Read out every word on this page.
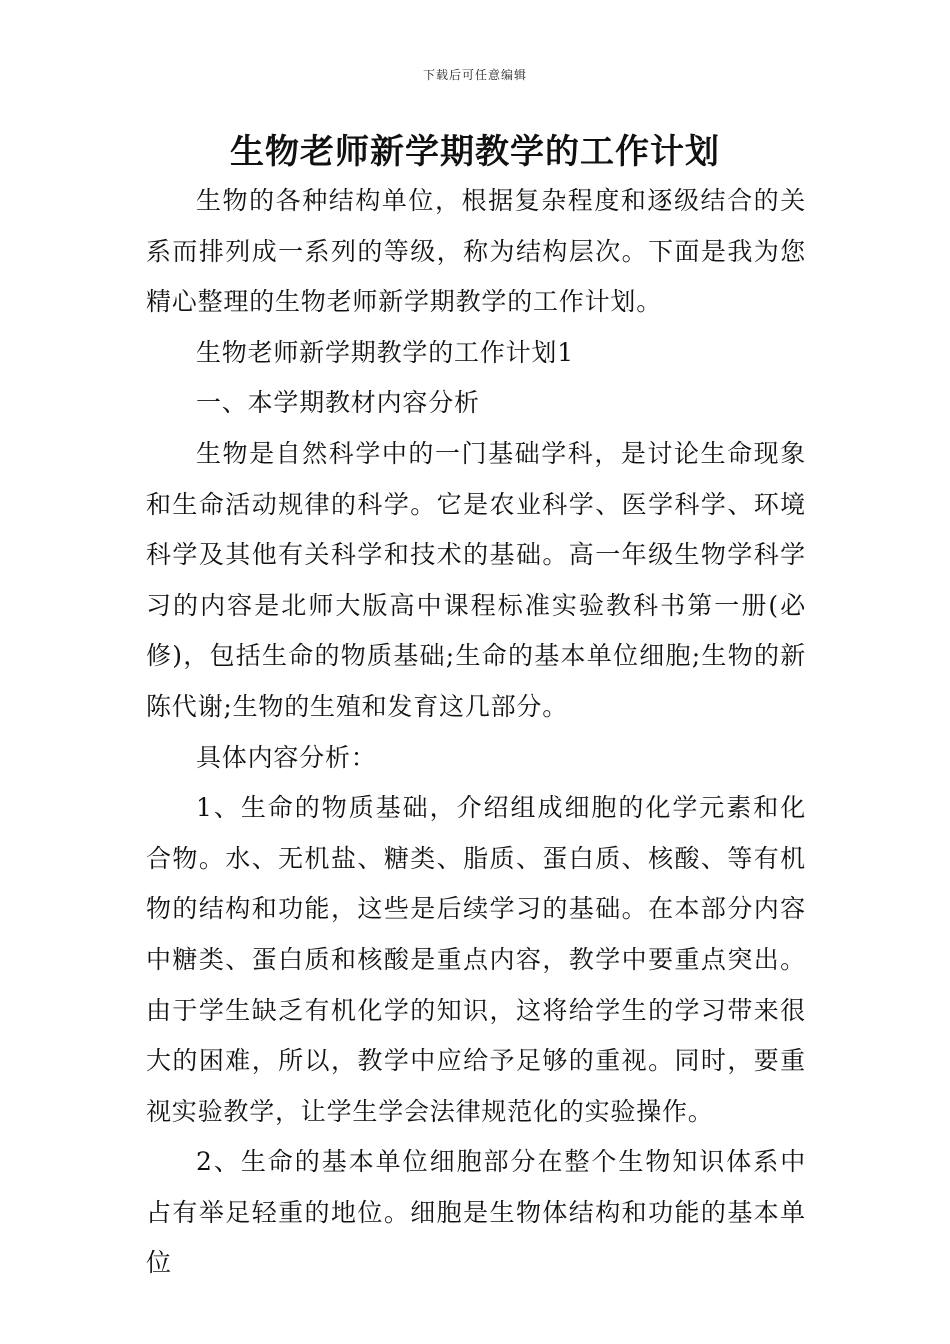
下载后可任意编辑
生物老师新学期教学的工作计划

生物的各种结构单位，根据复杂程度和逐级结合的关系而排列成一系列的等级，称为结构层次。下面是我为您精心整理的生物老师新学期教学的工作计划。

生物老师新学期教学的工作计划1

一、本学期教材内容分析

生物是自然科学中的一门基础学科，是讨论生命现象和生命活动规律的科学。它是农业科学、医学科学、环境科学及其他有关科学和技术的基础。高一年级生物学科学习的内容是北师大版高中课程标准实验教科书第一册(必修)，包括生命的物质基础;生命的基本单位细胞;生物的新陈代谢;生物的生殖和发育这几部分。

具体内容分析：

1、生命的物质基础，介绍组成细胞的化学元素和化合物。水、无机盐、糖类、脂质、蛋白质、核酸、等有机物的结构和功能，这些是后续学习的基础。在本部分内容中糖类、蛋白质和核酸是重点内容，教学中要重点突出。由于学生缺乏有机化学的知识，这将给学生的学习带来很大的困难，所以，教学中应给予足够的重视。同时，要重视实验教学，让学生学会法律规范化的实验操作。

2、生命的基本单位细胞部分在整个生物知识体系中占有举足轻重的地位。细胞是生物体结构和功能的基本单位
